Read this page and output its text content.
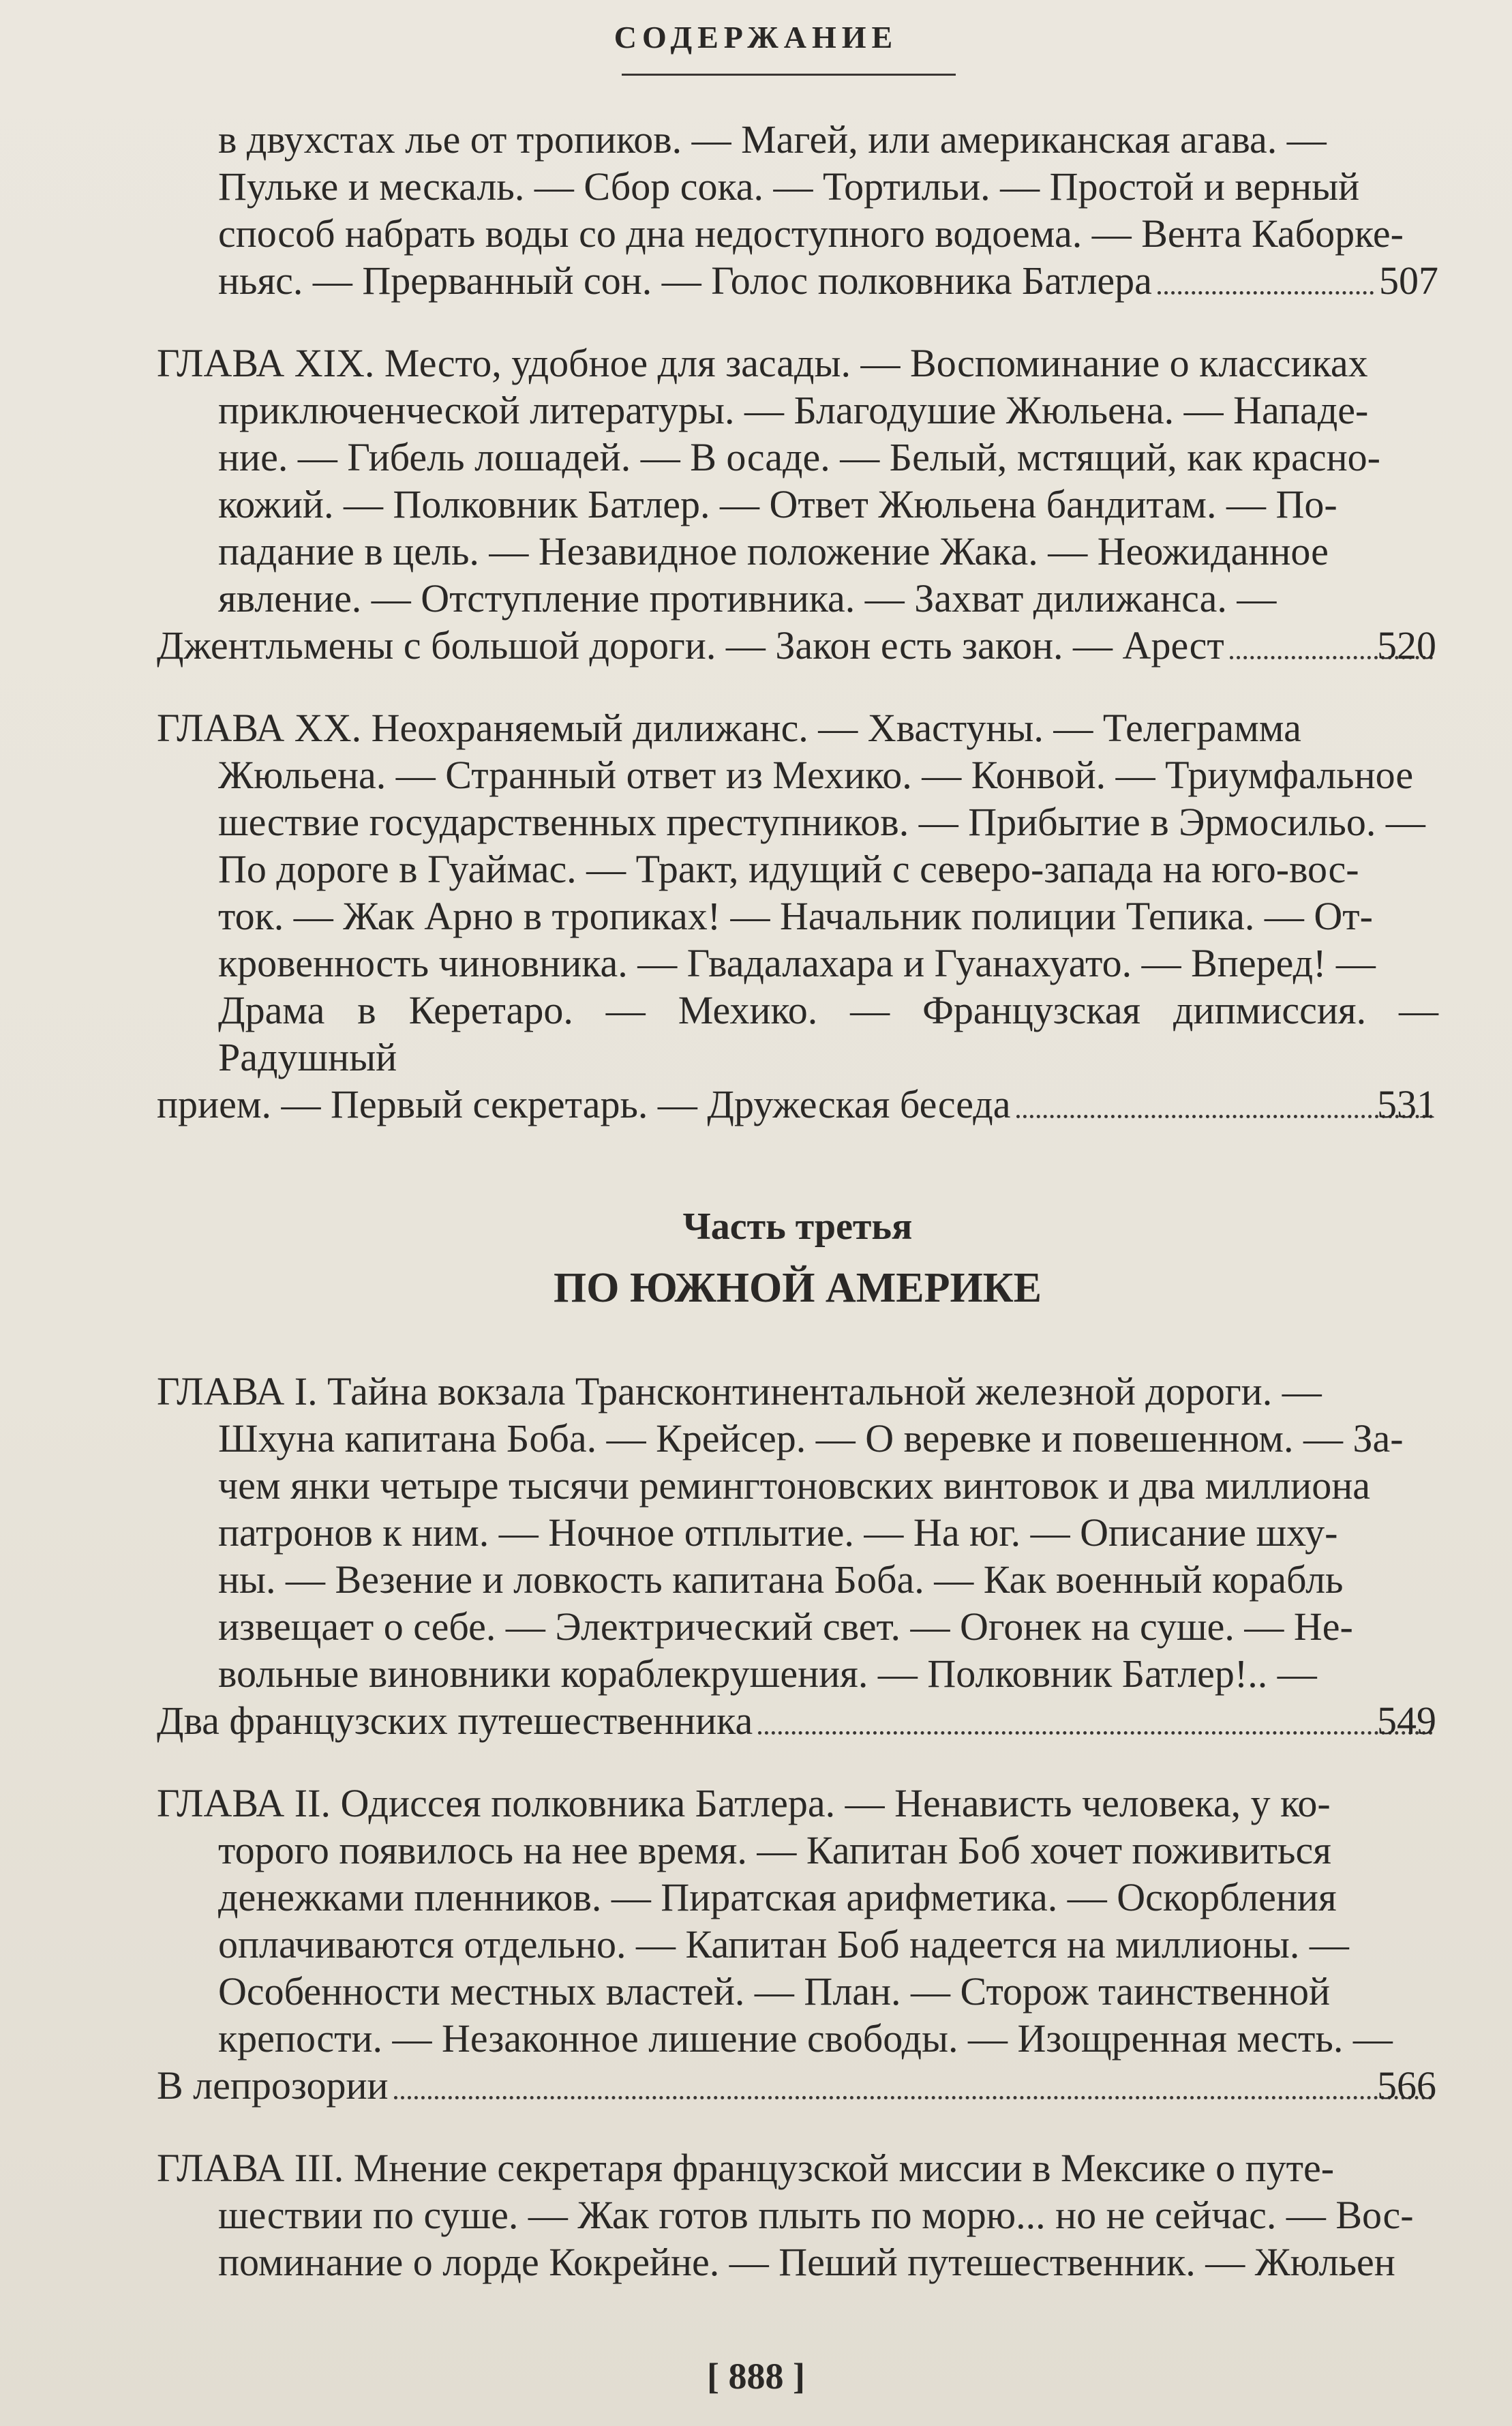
СОДЕРЖАНИЕ
в двухстах лье от тропиков. — Магей, или американская агава. —
Пульке и мескаль. — Сбор сока. — Тортильи. — Простой и верный
способ набрать воды со дна недоступного водоема. — Вента Каборке-
ньяс. — Прерванный сон. — Голос полковника Батлера	507
ГЛАВА XIX. Место, удобное для засады. — Воспоминание о классиках
приключенческой литературы. — Благодушие Жюльена. — Нападе-
ние. — Гибель лошадей. — В осаде. — Белый, мстящий, как красно-
кожий. — Полковник Батлер. — Ответ Жюльена бандитам. — По-
падание в цель. — Незавидное положение Жака. — Неожиданное
явление. — Отступление противника. — Захват дилижанса. —
Джентльмены с большой дороги. — Закон есть закон. — Арест	520
ГЛАВА XX. Неохраняемый дилижанс. — Хвастуны. — Телеграмма
Жюльена. — Странный ответ из Мехико. — Конвой. — Триумфальное
шествие государственных преступников. — Прибытие в Эрмосильо. —
По дороге в Гуаймас. — Тракт, идущий с северо-запада на юго-вос-
ток. — Жак Арно в тропиках! — Начальник полиции Тепика. — От-
кровенность чиновника. — Гвадалахара и Гуанахуато. — Вперед! —
Драма в Керетаро. — Мехико. — Французская дипмиссия. — Радушный
прием. — Первый секретарь. — Дружеская беседа	531
Часть третья
ПО ЮЖНОЙ АМЕРИКЕ
ГЛАВА I. Тайна вокзала Трансконтинентальной железной дороги. —
Шхуна капитана Боба. — Крейсер. — О веревке и повешенном. — За-
чем янки четыре тысячи ремингтоновских винтовок и два миллиона
патронов к ним. — Ночное отплытие. — На юг. — Описание шху-
ны. — Везение и ловкость капитана Боба. — Как военный корабль
извещает о себе. — Электрический свет. — Огонек на суше. — Не-
вольные виновники кораблекрушения. — Полковник Батлер!.. —
Два французских путешественника	549
ГЛАВА II. Одиссея полковника Батлера. — Ненависть человека, у ко-
торого появилось на нее время. — Капитан Боб хочет поживиться
денежками пленников. — Пиратская арифметика. — Оскорбления
оплачиваются отдельно. — Капитан Боб надеется на миллионы. —
Особенности местных властей. — План. — Сторож таинственной
крепости. — Незаконное лишение свободы. — Изощренная месть. —
В лепрозории	566
ГЛАВА III. Мнение секретаря французской миссии в Мексике о путе-
шествии по суше. — Жак готов плыть по морю... но не сейчас. — Вос-
поминание о лорде Кокрейне. — Пеший путешественник. — Жюльен
[ 888 ]
